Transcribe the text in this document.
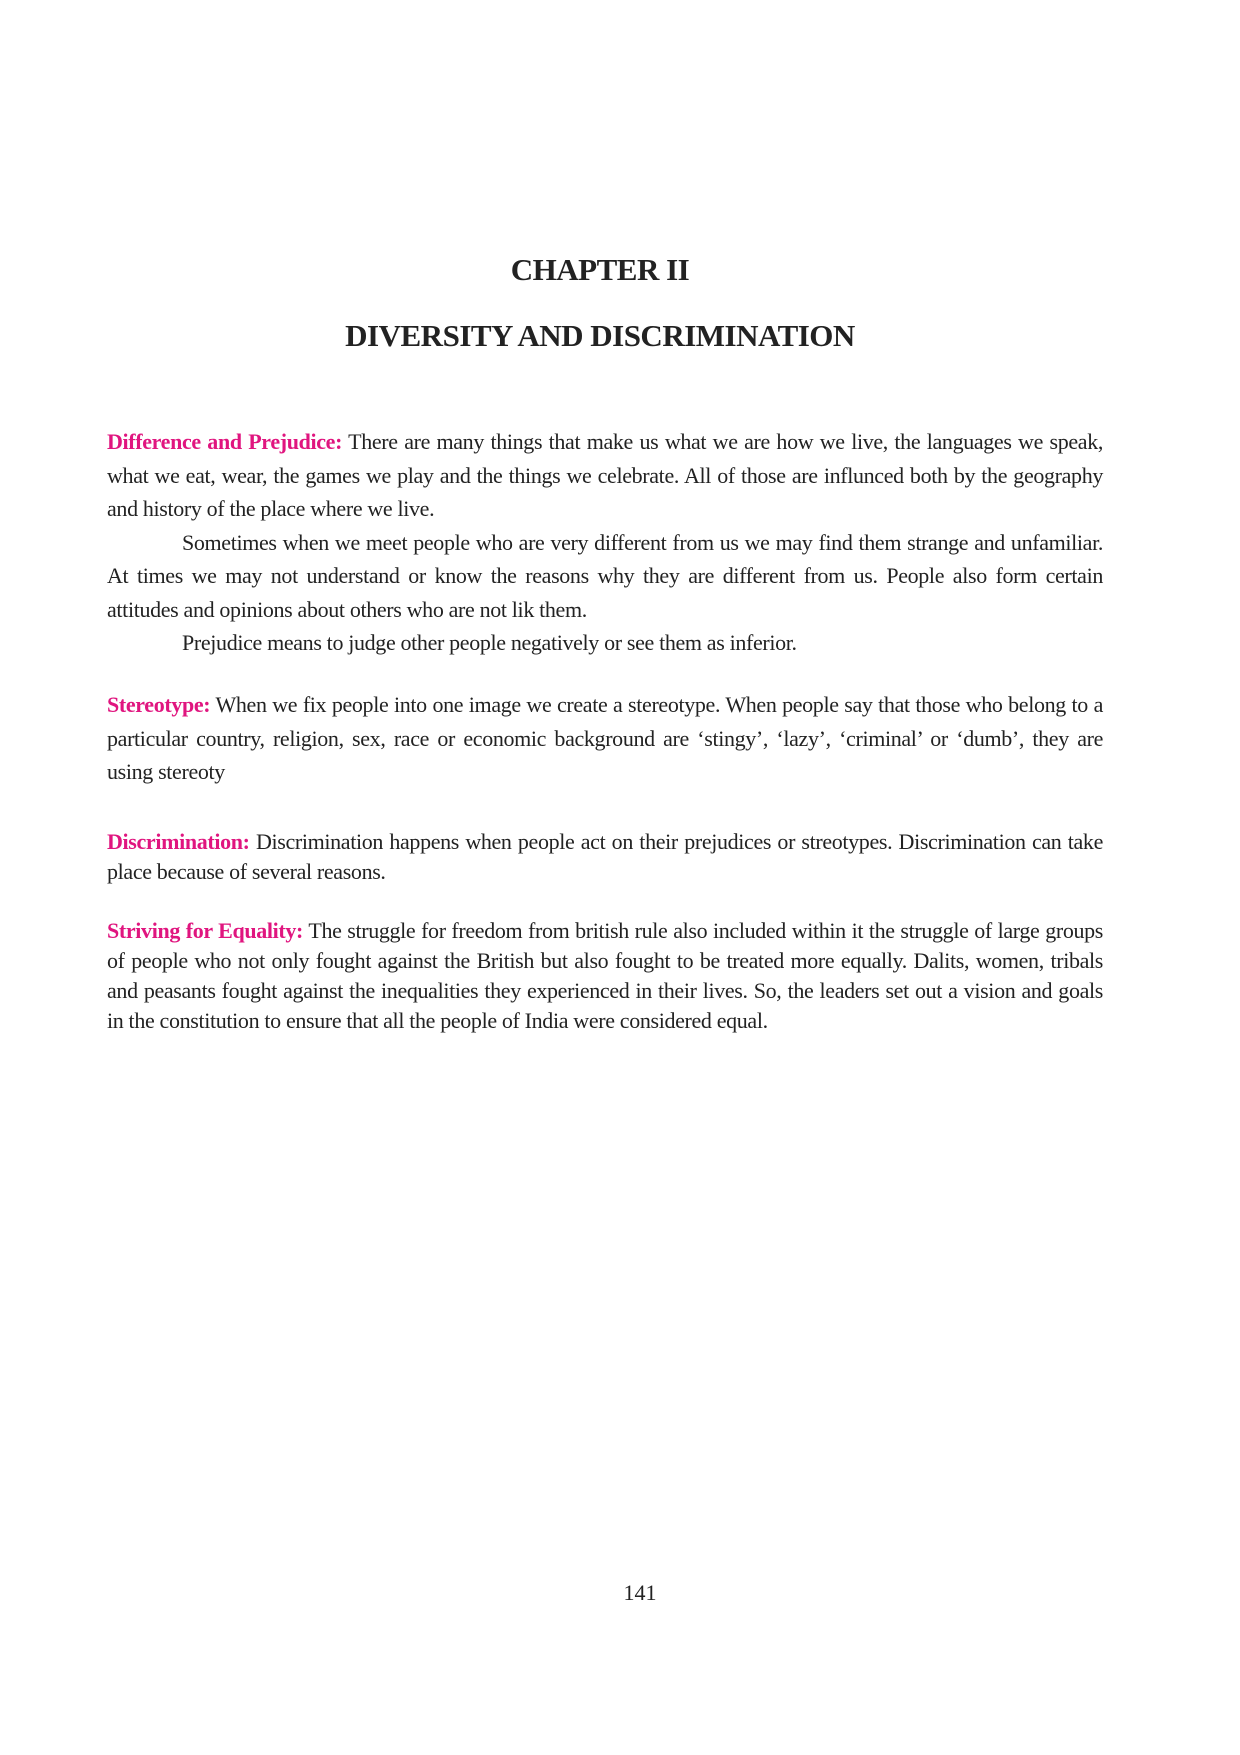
CHAPTER II
DIVERSITY AND DISCRIMINATION
Difference and Prejudice: There are many things that make us what we are how we live, the languages we speak, what we eat, wear, the games we play and the things we celebrate. All of those are influnced both by the geography and history of the place where we live.
Sometimes when we meet people who are very different from us we may find them strange and unfamiliar. At times we may not understand or know the reasons why they are different from us. People also form certain attitudes and opinions about others who are not lik them.
Prejudice means to judge other people negatively or see them as inferior.
Stereotype: When we fix people into one image we create a stereotype. When people say that those who belong to a particular country, religion, sex, race or economic background are ‘stingy’, ‘lazy’, ‘criminal’ or ‘dumb’, they are using stereoty
Discrimination: Discrimination happens when people act on their prejudices or streotypes. Discrimination can take place because of several reasons.
Striving for Equality: The struggle for freedom from british rule also included within it the struggle of large groups of people who not only fought against the British but also fought to be treated more equally. Dalits, women, tribals and peasants fought against the inequalities they experienced in their lives. So, the leaders set out a vision and goals in the constitution to ensure that all the people of India were considered equal.

141
